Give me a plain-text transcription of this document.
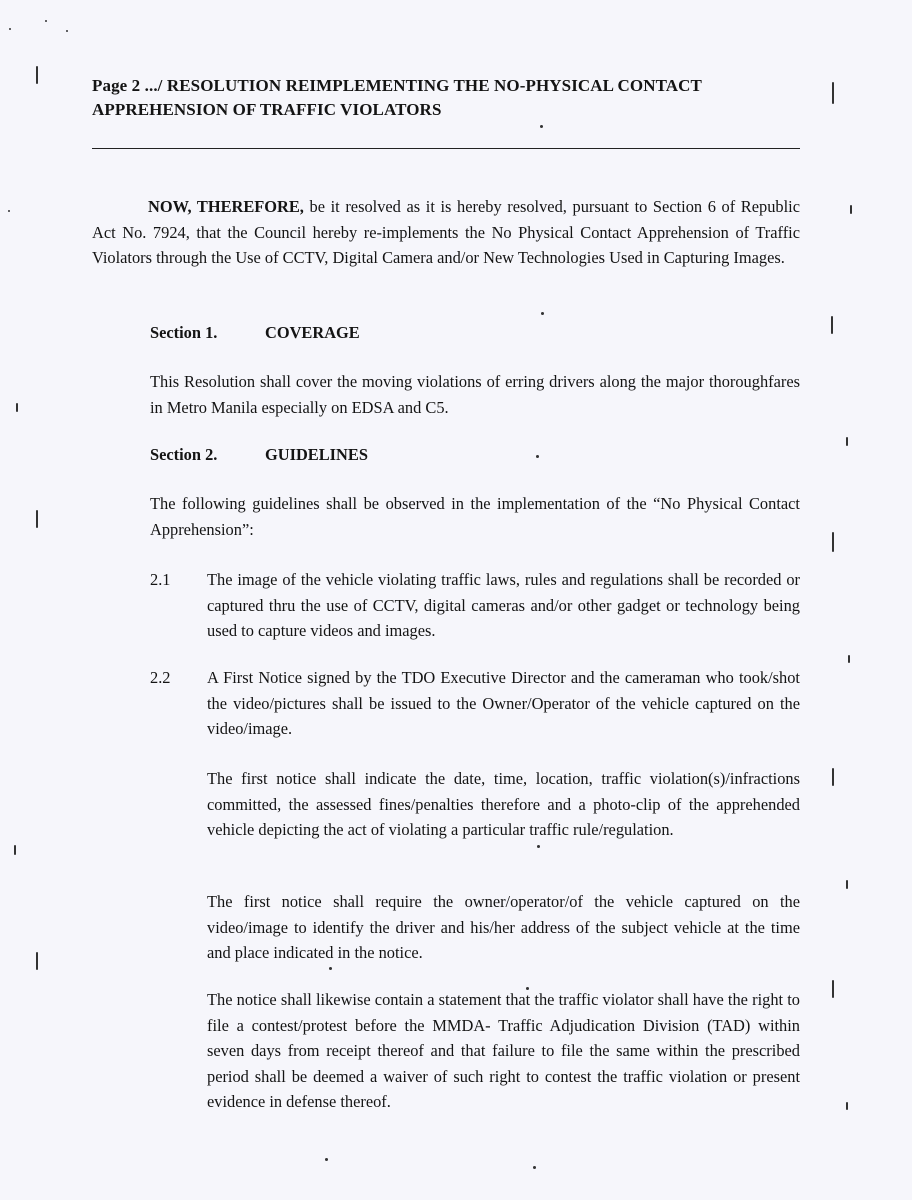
Page 2 .../ RESOLUTION REIMPLEMENTING THE NO-PHYSICAL CONTACT
APPREHENSION OF TRAFFIC VIOLATORS
NOW, THEREFORE, be it resolved as it is hereby resolved, pursuant to Section 6 of Republic Act No. 7924, that the Council hereby re-implements the No Physical Contact Apprehension of Traffic Violators through the Use of CCTV, Digital Camera and/or New Technologies Used in Capturing Images.
Section 1.	COVERAGE
This Resolution shall cover the moving violations of erring drivers along the major thoroughfares in Metro Manila especially on EDSA and C5.
Section 2.	GUIDELINES
The following guidelines shall be observed in the implementation of the “No Physical Contact Apprehension”:
2.1	The image of the vehicle violating traffic laws, rules and regulations shall be recorded or captured thru the use of CCTV, digital cameras and/or other gadget or technology being used to capture videos and images.
2.2	A First Notice signed by the TDO Executive Director and the cameraman who took/shot the video/pictures shall be issued to the Owner/Operator of the vehicle captured on the video/image.
The first notice shall indicate the date, time, location, traffic violation(s)/infractions committed, the assessed fines/penalties therefore and a photo-clip of the apprehended vehicle depicting the act of violating a particular traffic rule/regulation.
The first notice shall require the owner/operator/of the vehicle captured on the video/image to identify the driver and his/her address of the subject vehicle at the time and place indicated in the notice.
The notice shall likewise contain a statement that the traffic violator shall have the right to file a contest/protest before the MMDA- Traffic Adjudication Division (TAD) within seven days from receipt thereof and that failure to file the same within the prescribed period shall be deemed a waiver of such right to contest the traffic violation or present evidence in defense thereof.
